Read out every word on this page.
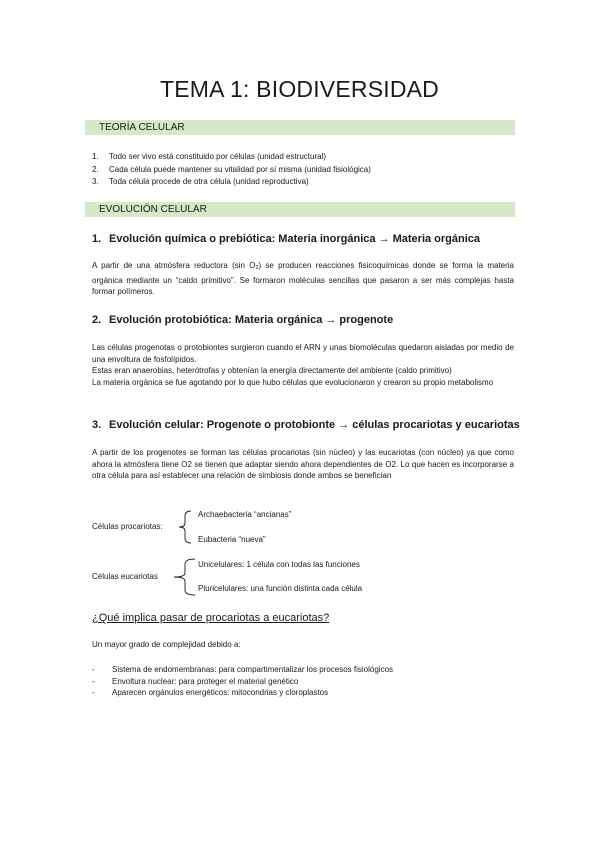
TEMA 1: BIODIVERSIDAD
TEORÍA CELULAR
1.	Todo ser vivo está constituido por células (unidad estructural)
2.	Cada célula puede mantener su vitalidad por sí misma (unidad fisiológica)
3.	Toda célula procede de otra célula (unidad reproductiva)
EVOLUCIÓN CELULAR
1. Evolución química o prebiótica: Materia inorgánica → Materia orgánica

A partir de una atmósfera reductora (sin O2) se producen reacciones fisicoquímicas donde se forma la materia orgánica mediante un “caldo primitivo”. Se formaron moléculas sencillas que pasaron a ser más complejas hasta formar polímeros.

2. Evolución protobiótica: Materia orgánica → progenote

Las células progenotas o protobiontes surgieron cuando el ARN y unas biomoléculas quedaron aisladas por medio de una envoltura de fosfolípidos.

Estas eran anaerobias, heterótrofas y obtenían la energía directamente del ambiente (caldo primitivo)

La materia orgánica se fue agotando por lo que hubo células que evolucionaron y crearon su propio metabolismo

3. Evolución celular: Progenote o protobionte → células procariotas y eucariotas
A partir de los progenotes se forman las células procariotas (sin núcleo) y las eucariotas (con núcleo) ya que como ahora la atmósfera tiene O2 se tienen que adaptar siendo ahora dependientes de O2. Lo que hacen es incorporarse a otra célula para así establecer una relación de simbiosis donde ambos se benefician
Células procariotas:
Archaebacteria “ancianas”
Eubacteria “nueva”
Células eucariotas
Unicelulares: 1 célula con todas las funciones
Pluricelulares: una función distinta cada célula
¿Qué implica pasar de procariotas a eucariotas?
Un mayor grado de complejidad debido a:
-	Sistema de endomembranas: para compartimentalizar los procesos fisiológicos
-	Envoltura nuclear: para proteger el material genético
-	Aparecen orgánulos energéticos: mitocondrias y cloroplastos
